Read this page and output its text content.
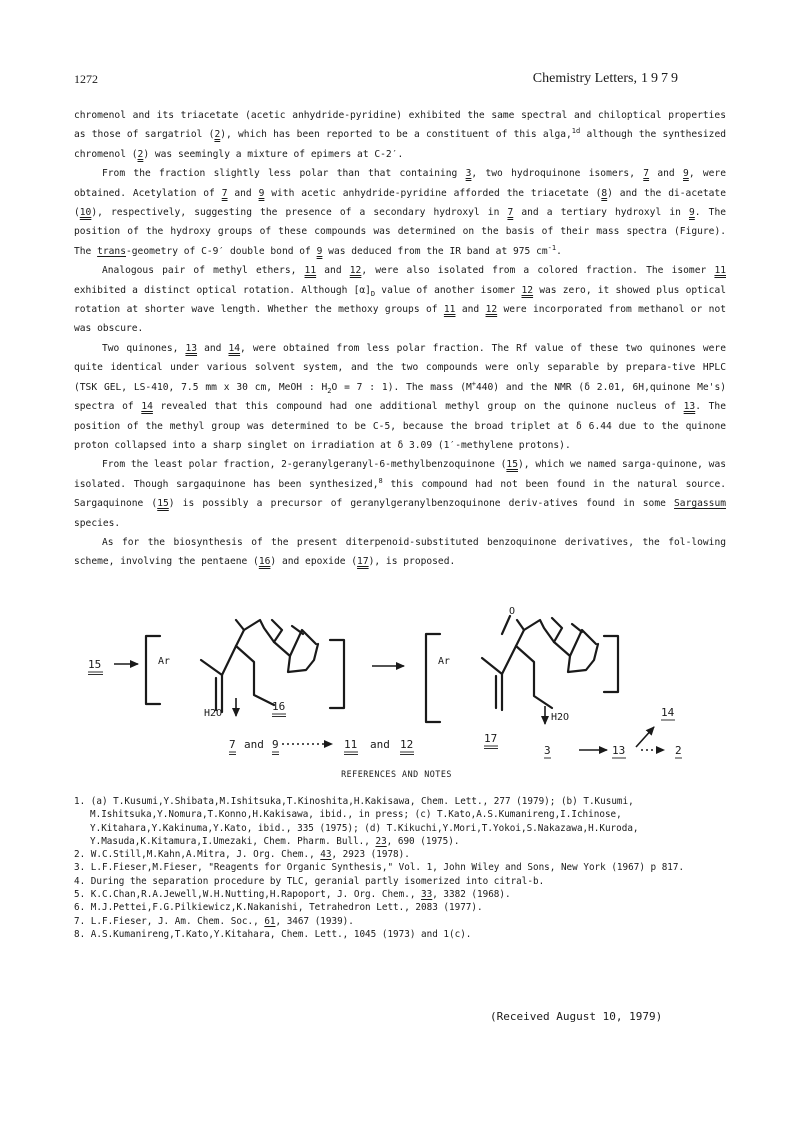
1272	Chemistry Letters, 1979

chromenol and its triacetate (acetic anhydride-pyridine) exhibited the same spectral and chiloptical properties as those of sargatriol (2), which has been reported to be a constituent of this alga,$^{1d}$ although the synthesized chromenol (2) was seemingly a mixture of epimers at C-2′.

From the fraction slightly less polar than that containing 3, two hydroquinone isomers, 7 and 9, were obtained. Acetylation of 7 and 9 with acetic anhydride-pyridine afforded the triacetate (8) and the di-acetate (10), respectively, suggesting the presence of a secondary hydroxyl in 7 and a tertiary hydroxyl in 9. The position of the hydroxy groups of these compounds was determined on the basis of their mass spectra (Figure). The trans-geometry of C-9′ double bond of 9 was deduced from the IR band at 975 $cm^{-1}$.

Analogous pair of methyl ethers, 11 and 12, were also isolated from a colored fraction. The isomer 11 exhibited a distinct optical rotation. Although $[\alpha]_D$ value of another isomer 12 was zero, it showed plus optical rotation at shorter wave length. Whether the methoxy groups of 11 and 12 were incorporated from methanol or not was obscure.

Two quinones, 13 and 14, were obtained from less polar fraction. The Rf value of these two quinones were quite identical under various solvent system, and the two compounds were only separable by prepara-tive HPLC (TSK GEL, LS-410, 7.5 mm x 30 cm, MeOH : $H_2O = 7$ : 1). The mass (M+440) and the NMR (δ 2.01, 6H,quinone Me's) spectra of 14 revealed that this compound had one additional methyl group on the quinone nucleus of 13. The position of the methyl group was determined to be C-5, because the broad triplet at δ 6.44 due to the quinone proton collapsed into a sharp singlet on irradiation at δ 3.09 (1′-methylene protons).

From the least polar fraction, 2-geranylgeranyl-6-methylbenzoquinone (15), which we named sarga-quinone, was isolated. Though sargaquinone has been synthesized,$^8$ this compound had not been found in the natural source. Sargaquinone (15) is possibly a precursor of geranylgeranylbenzoquinone deriv-atives found in some Sargassum species.

As for the biosynthesis of the present diterpenoid-substituted benzoquinone derivatives, the fol-lowing scheme, involving the pentaene (16) and epoxide (17), is proposed.

15	Ar
H2O
16
7 and 9	11 and 12
Ar
O
17
H2O
3	13
14
2
REFERENCES AND NOTES
1. (a) T.Kusumi,Y.Shibata,M.Ishitsuka,T.Kinoshita,H.Kakisawa, Chem. Lett., 277 (1979); (b) T.Kusumi, M.Ishitsuka,Y.Nomura,T.Konno,H.Kakisawa, ibid., in press; (c) T.Kato,A.S.Kumanireng,I.Ichinose, Y.Kitahara,Y.Kakinuma,Y.Kato, ibid., 335 (1975); (d) T.Kikuchi,Y.Mori,T.Yokoi,S.Nakazawa,H.Kuroda, Y.Masuda,K.Kitamura,I.Umezaki, Chem. Pharm. Bull., 23, 690 (1975).
2. W.C.Still,M.Kahn,A.Mitra, J. Org. Chem., 43, 2923 (1978).
3. L.F.Fieser,M.Fieser, "Reagents for Organic Synthesis," Vol. 1, John Wiley and Sons, New York (1967) p 817.
4. During the separation procedure by TLC, geranial partly isomerized into citral-b.
5. K.C.Chan,R.A.Jewell,W.H.Nutting,H.Rapoport, J. Org. Chem., 33, 3382 (1968).
6. M.J.Pettei,F.G.Pilkiewicz,K.Nakanishi, Tetrahedron Lett., 2083 (1977).
7. L.F.Fieser, J. Am. Chem. Soc., 61, 3467 (1939).
8. A.S.Kumanireng,T.Kato,Y.Kitahara, Chem. Lett., 1045 (1973) and 1(c).
(Received August 10, 1979)
